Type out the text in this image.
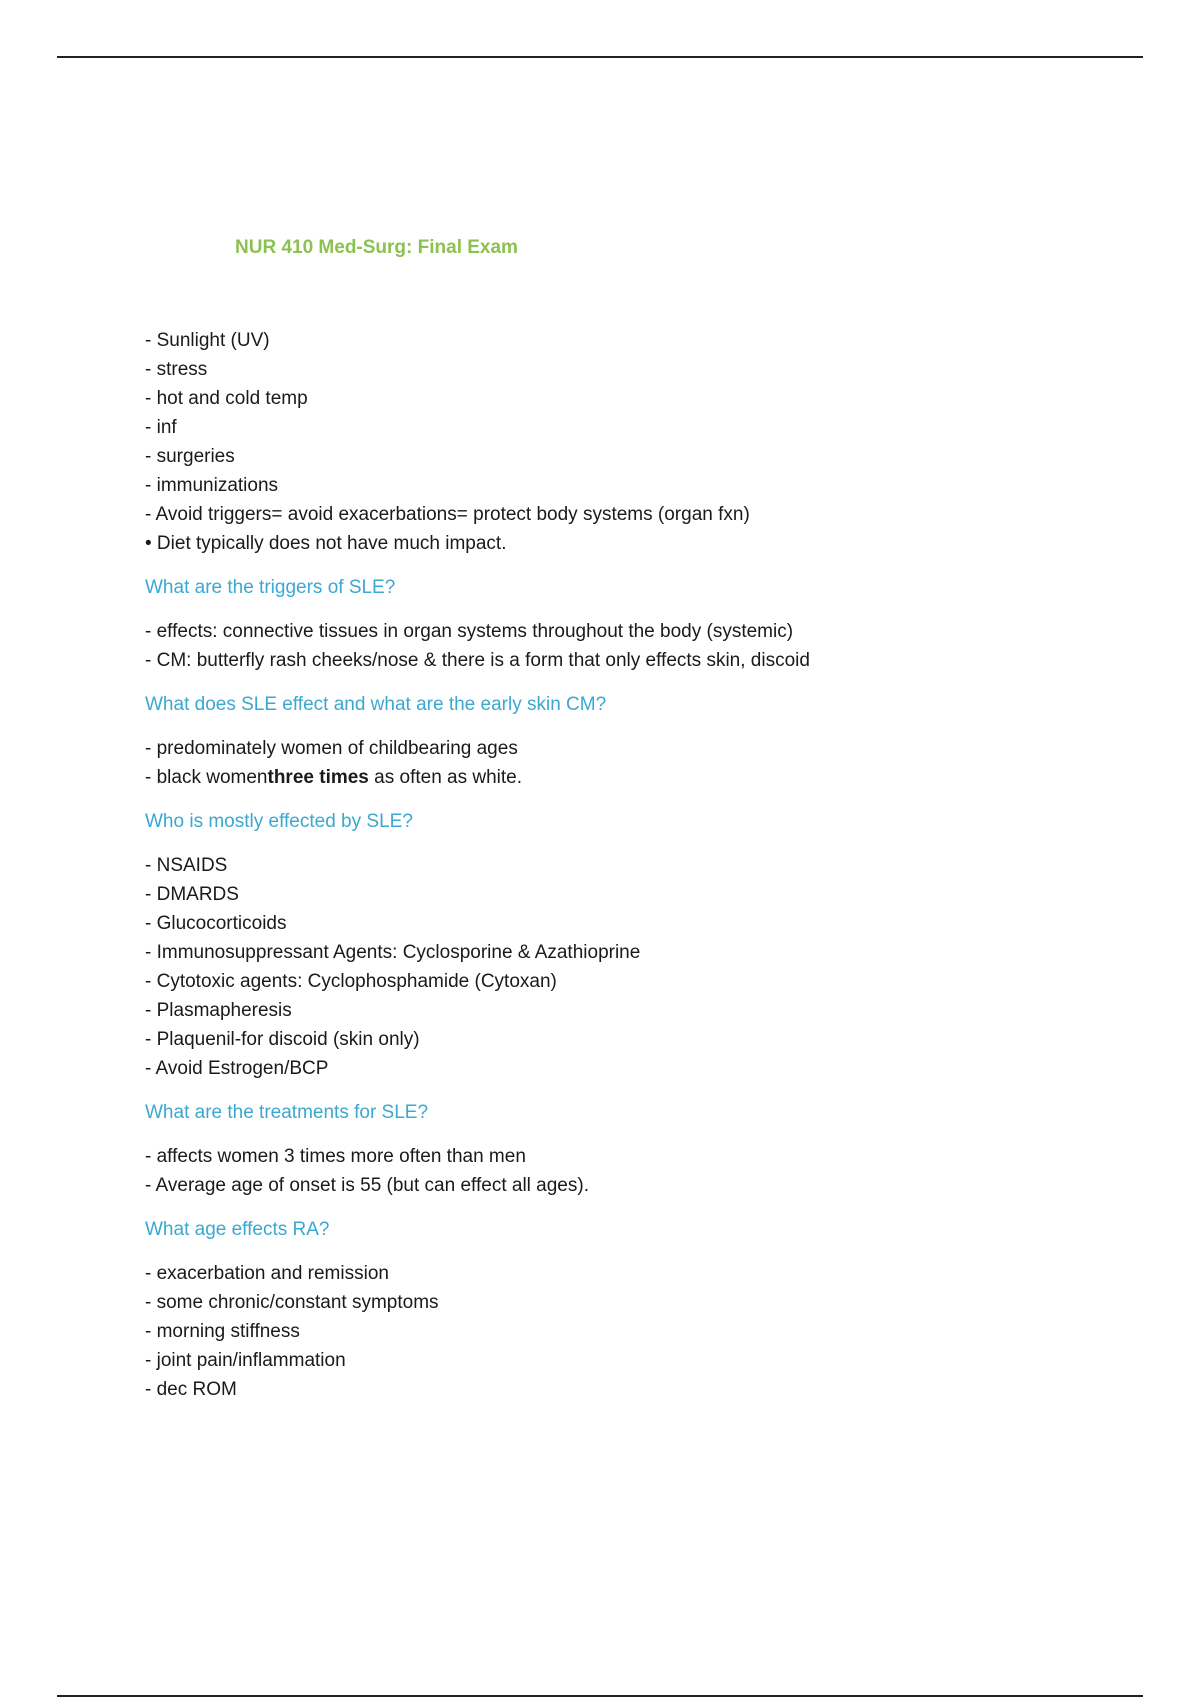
NUR 410 Med-Surg: Final Exam
- Sunlight (UV)
- stress
- hot and cold temp
- inf
- surgeries
- immunizations
- Avoid triggers= avoid exacerbations= protect body systems (organ fxn)
• Diet typically does not have much impact.
What are the triggers of SLE?
- effects: connective tissues in organ systems throughout the body (systemic)
- CM: butterfly rash cheeks/nose & there is a form that only effects skin, discoid
What does SLE effect and what are the early skin CM?
- predominately women of childbearing ages
- black womenthree times as often as white.
Who is mostly effected by SLE?
- NSAIDS
- DMARDS
- Glucocorticoids
- Immunosuppressant Agents: Cyclosporine & Azathioprine
- Cytotoxic agents: Cyclophosphamide (Cytoxan)
- Plasmapheresis
- Plaquenil-for discoid (skin only)
- Avoid Estrogen/BCP
What are the treatments for SLE?
- affects women 3 times more often than men
- Average age of onset is 55 (but can effect all ages).
What age effects RA?
- exacerbation and remission
- some chronic/constant symptoms
- morning stiffness
- joint pain/inflammation
- dec ROM
